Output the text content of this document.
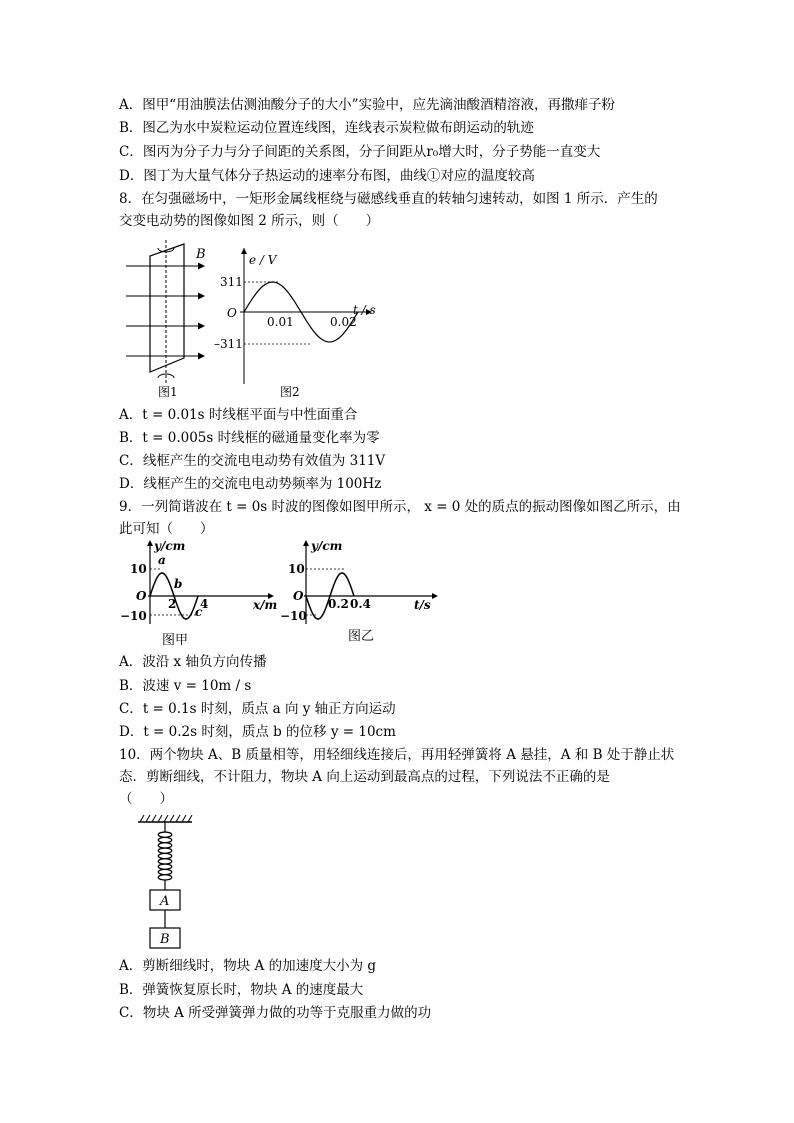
A．图甲“用油膜法估测油酸分子的大小”实验中，应先滴油酸酒精溶液，再撒痱子粉
B．图乙为水中炭粒运动位置连线图，连线表示炭粒做布朗运动的轨迹
C．图丙为分子力与分子间距的关系图，分子间距从r₀增大时，分子势能一直变大
D．图丁为大量气体分子热运动的速率分布图，曲线①对应的温度较高
8．在匀强磁场中，一矩形金属线框绕与磁感线垂直的转轴匀速转动，如图 1 所示．产生的
交变电动势的图像如图 2 所示，则（　　）
B
图1
e / V
t / s
O
311
–311
0.01	0.02
图2
A．t = 0.01s 时线框平面与中性面重合
B．t = 0.005s 时线框的磁通量变化率为零
C．线框产生的交流电电动势有效值为 311V
D．线框产生的交流电电动势频率为 100Hz
9．一列简谐波在 t = 0s 时波的图像如图甲所示， x = 0 处的质点的振动图像如图乙所示，由
此可知（　　）
y/cm
x/m
O
10
−10
2 4
a
b
c
图甲
y/cm
t/s
O
10
−10
0.2 0.4
图乙
A．波沿 x 轴负方向传播
B．波速 v = 10m / s
C．t = 0.1s 时刻，质点 a 向 y 轴正方向运动
D．t = 0.2s 时刻，质点 b 的位移 y = 10cm
10．两个物块 A、B 质量相等，用轻细线连接后，再用轻弹簧将 A 悬挂，A 和 B 处于静止状
态．剪断细线，不计阻力，物块 A 向上运动到最高点的过程，下列说法不正确的是
（　　）
A
B
A．剪断细线时，物块 A 的加速度大小为 g
B．弹簧恢复原长时，物块 A 的速度最大
C．物块 A 所受弹簧弹力做的功等于克服重力做的功
